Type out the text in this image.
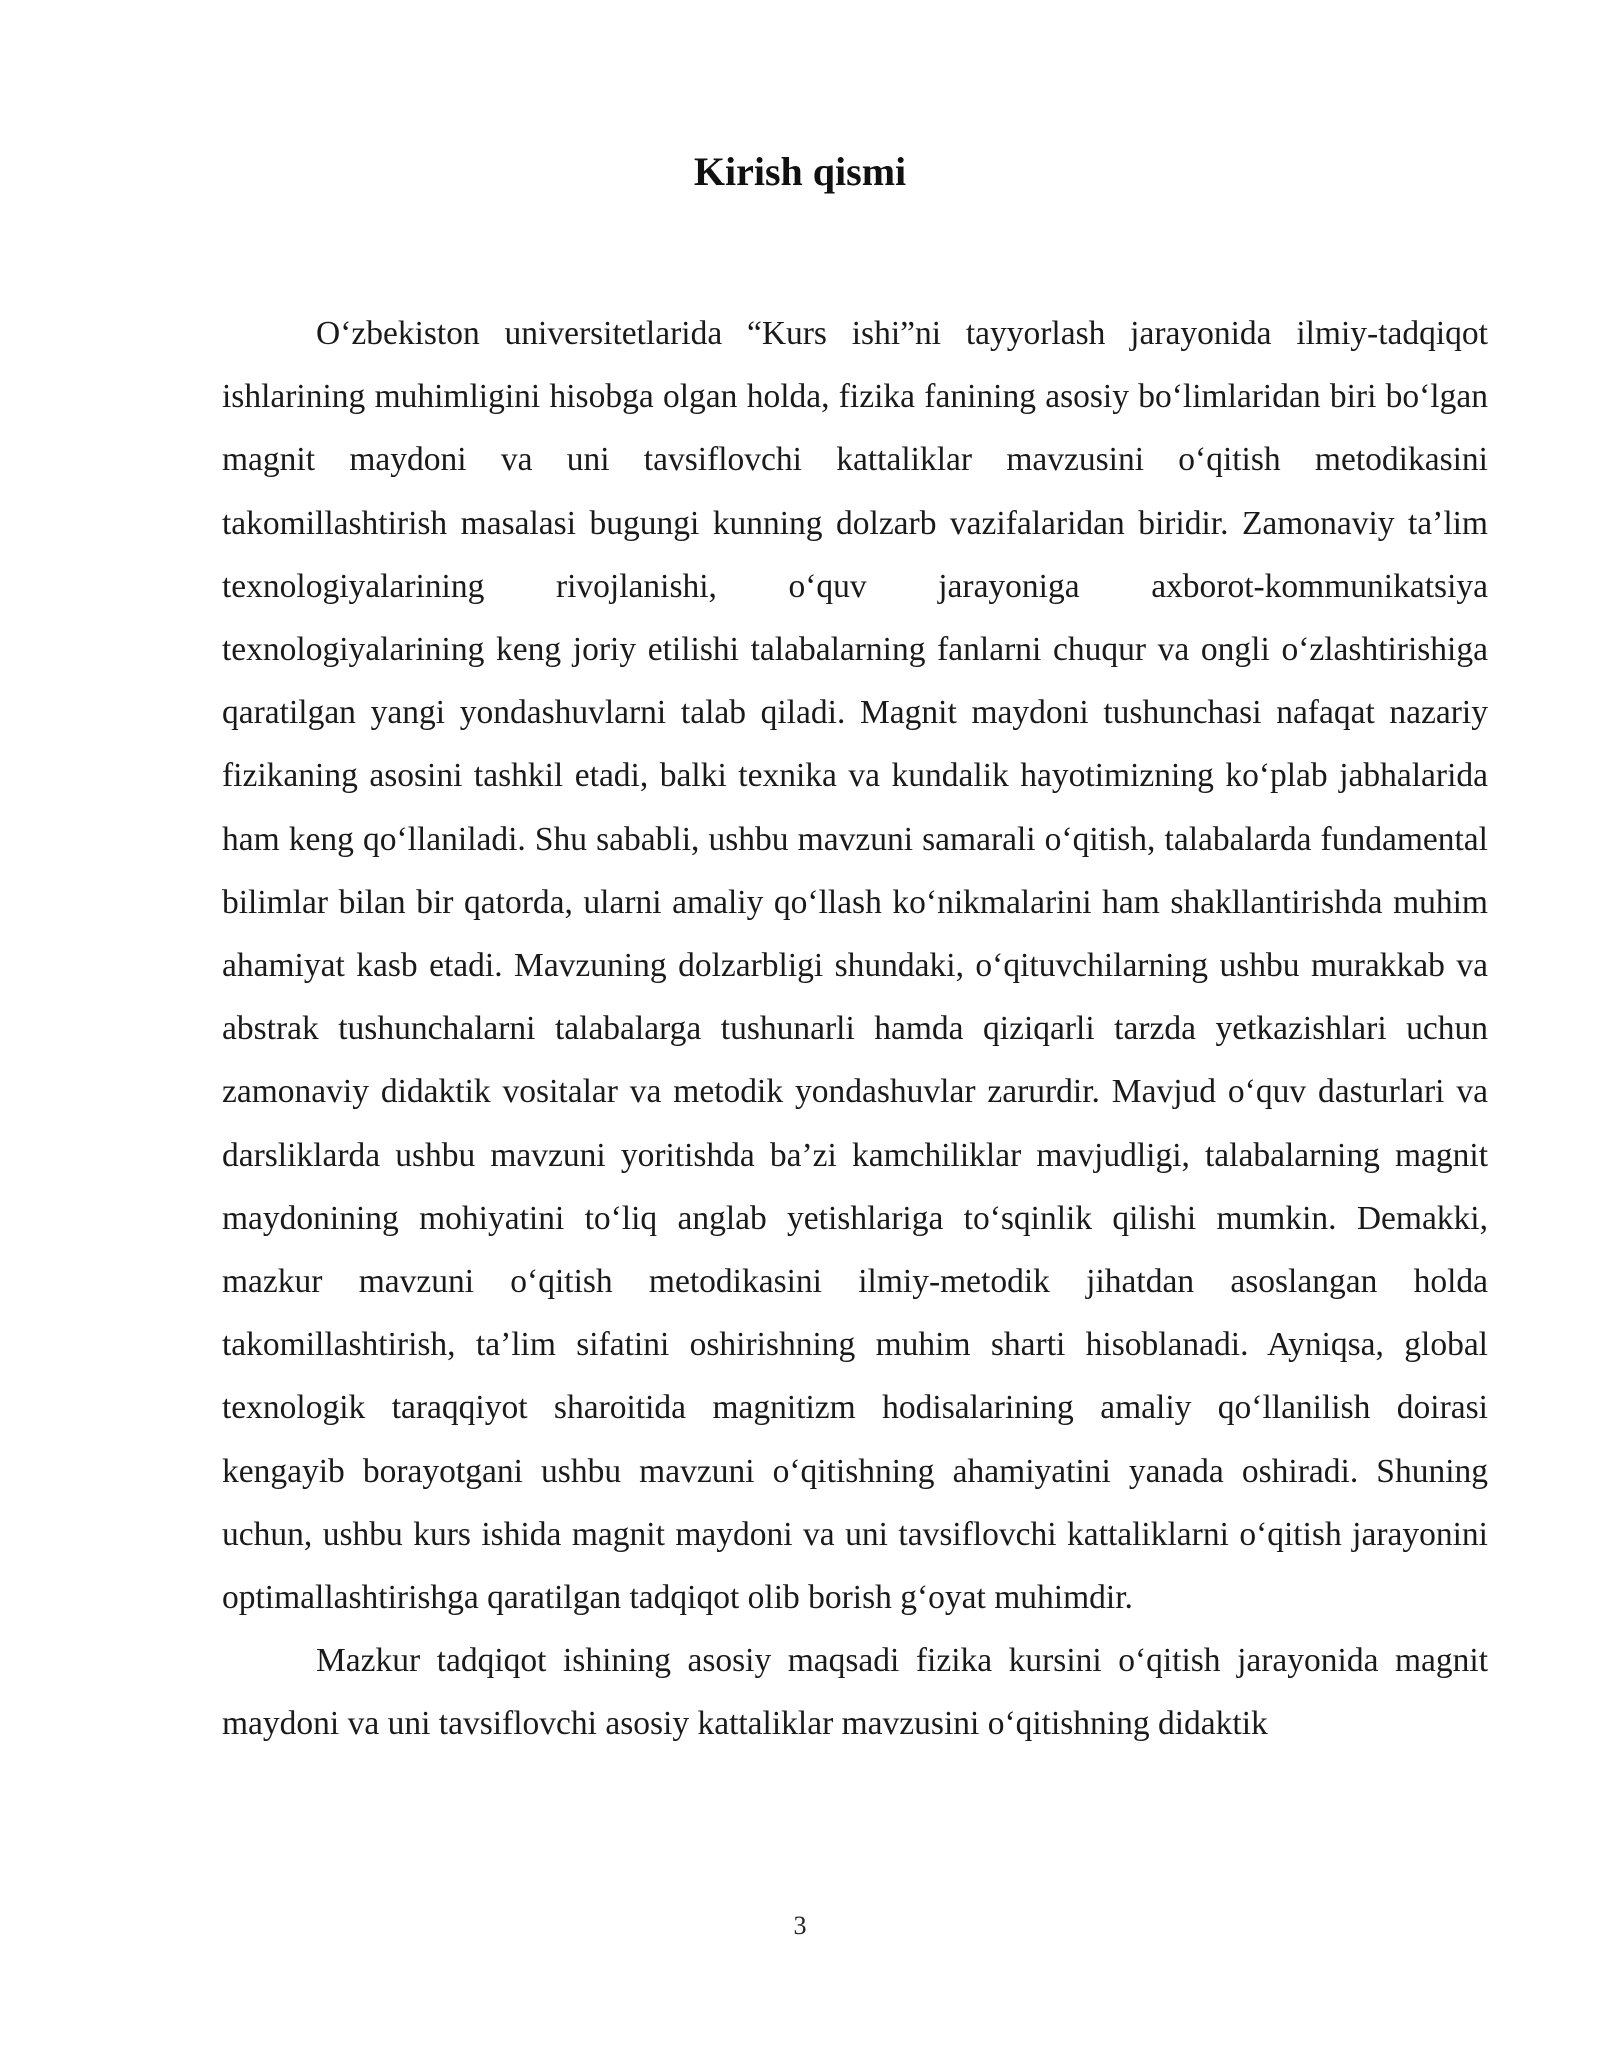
Kirish qismi

O‘zbekiston universitetlarida “Kurs ishi”ni tayyorlash jarayonida ilmiy-tadqiqot ishlarining muhimligini hisobga olgan holda, fizika fanining asosiy bo‘limlaridan biri bo‘lgan magnit maydoni va uni tavsiflovchi kattaliklar mavzusini o‘qitish metodikasini takomillashtirish masalasi bugungi kunning dolzarb vazifalaridan biridir. Zamonaviy ta’lim texnologiyalarining rivojlanishi, o‘quv jarayoniga axborot-kommunikatsiya texnologiyalarining keng joriy etilishi talabalarning fanlarni chuqur va ongli o‘zlashtirishiga qaratilgan yangi yondashuvlarni talab qiladi. Magnit maydoni tushunchasi nafaqat nazariy fizikaning asosini tashkil etadi, balki texnika va kundalik hayotimizning ko‘plab jabhalarida ham keng qo‘llaniladi. Shu sababli, ushbu mavzuni samarali o‘qitish, talabalarda fundamental bilimlar bilan bir qatorda, ularni amaliy qo‘llash ko‘nikmalarini ham shakllantirishda muhim ahamiyat kasb etadi. Mavzuning dolzarbligi shundaki, o‘qituvchilarning ushbu murakkab va abstrak tushunchalarni talabalarga tushunarli hamda qiziqarli tarzda yetkazishlari uchun zamonaviy didaktik vositalar va metodik yondashuvlar zarurdir. Mavjud o‘quv dasturlari va darsliklarda ushbu mavzuni yoritishda ba’zi kamchiliklar mavjudligi, talabalarning magnit maydonining mohiyatini to‘liq anglab yetishlariga to‘sqinlik qilishi mumkin. Demakki, mazkur mavzuni o‘qitish metodikasini ilmiy-metodik jihatdan asoslangan holda takomillashtirish, ta’lim sifatini oshirishning muhim sharti hisoblanadi. Ayniqsa, global texnologik taraqqiyot sharoitida magnitizm hodisalarining amaliy qo‘llanilish doirasi kengayib borayotgani ushbu mavzuni o‘qitishning ahamiyatini yanada oshiradi. Shuning uchun, ushbu kurs ishida magnit maydoni va uni tavsiflovchi kattaliklarni o‘qitish jarayonini optimallashtirishga qaratilgan tadqiqot olib borish g‘oyat muhimdir.

Mazkur tadqiqot ishining asosiy maqsadi fizika kursini o‘qitish jarayonida magnit maydoni va uni tavsiflovchi asosiy kattaliklar mavzusini o‘qitishning didaktik

3
